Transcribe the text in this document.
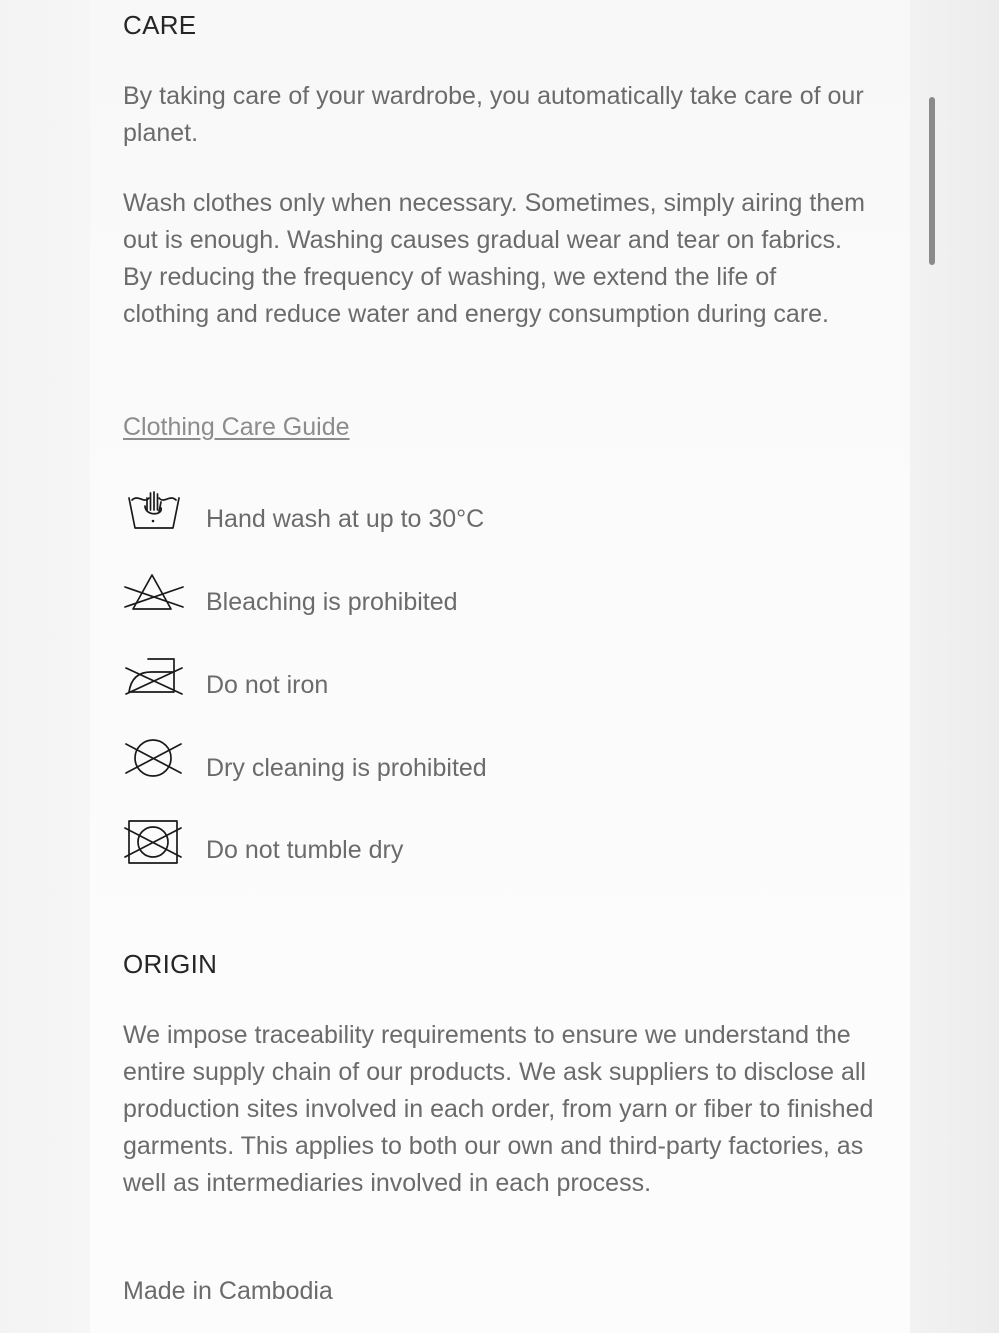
CARE

By taking care of your wardrobe, you automatically take care of our planet.

Wash clothes only when necessary. Sometimes, simply airing them out is enough. Washing causes gradual wear and tear on fabrics. By reducing the frequency of washing, we extend the life of clothing and reduce water and energy consumption during care.

Clothing Care Guide
Hand wash at up to 30°C
Bleaching is prohibited
Do not iron
Dry cleaning is prohibited
Do not tumble dry
ORIGIN

We impose traceability requirements to ensure we understand the entire supply chain of our products. We ask suppliers to disclose all production sites involved in each order, from yarn or fiber to finished garments. This applies to both our own and third-party factories, as well as intermediaries involved in each process.

Made in Cambodia
